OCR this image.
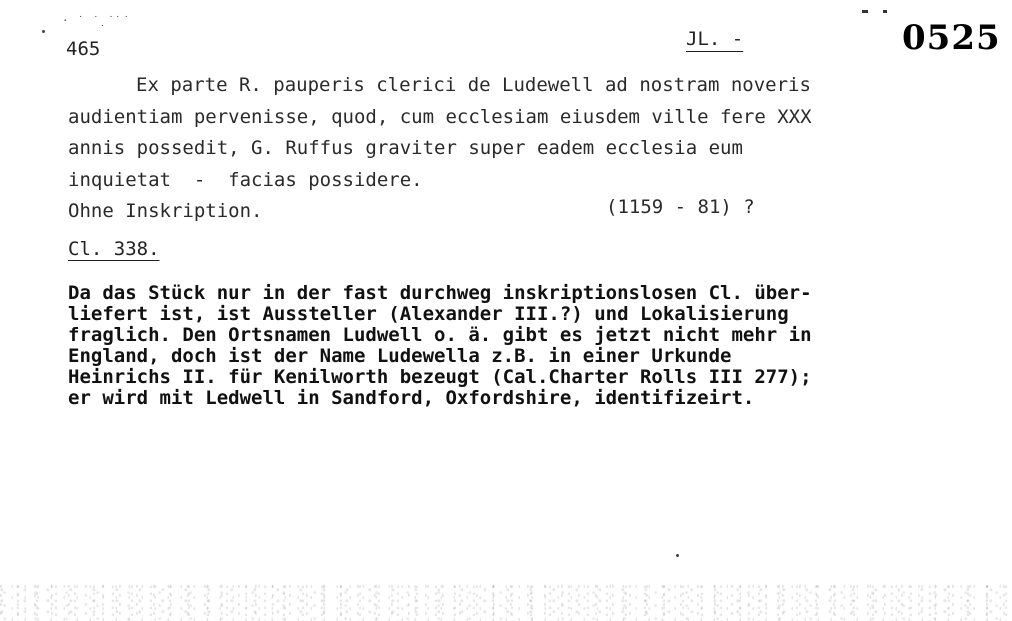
· ˙ ˙̣ ˙̇ ˙
465	JL. -	0525
Ex parte R. pauperis clerici de Ludewell ad nostram noveris
audientiam pervenisse, quod, cum ecclesiam eiusdem ville fere XXX
annis possedit, G. Ruffus graviter super eadem ecclesia eum
inquietat  -  facias possidere.
Ohne Inskription.	(1159 - 81) ?
Cl. 338.
Da das Stück nur in der fast durchweg inskriptionslosen Cl. über-
liefert ist, ist Aussteller (Alexander III.?) und Lokalisierung
fraglich. Den Ortsnamen Ludwell o. ä. gibt es jetzt nicht mehr in
England, doch ist der Name Ludewella z.B. in einer Urkunde
Heinrichs II. für Kenilworth bezeugt (Cal.Charter Rolls III 277);
er wird mit Ledwell in Sandford, Oxfordshire, identifizeirt.
